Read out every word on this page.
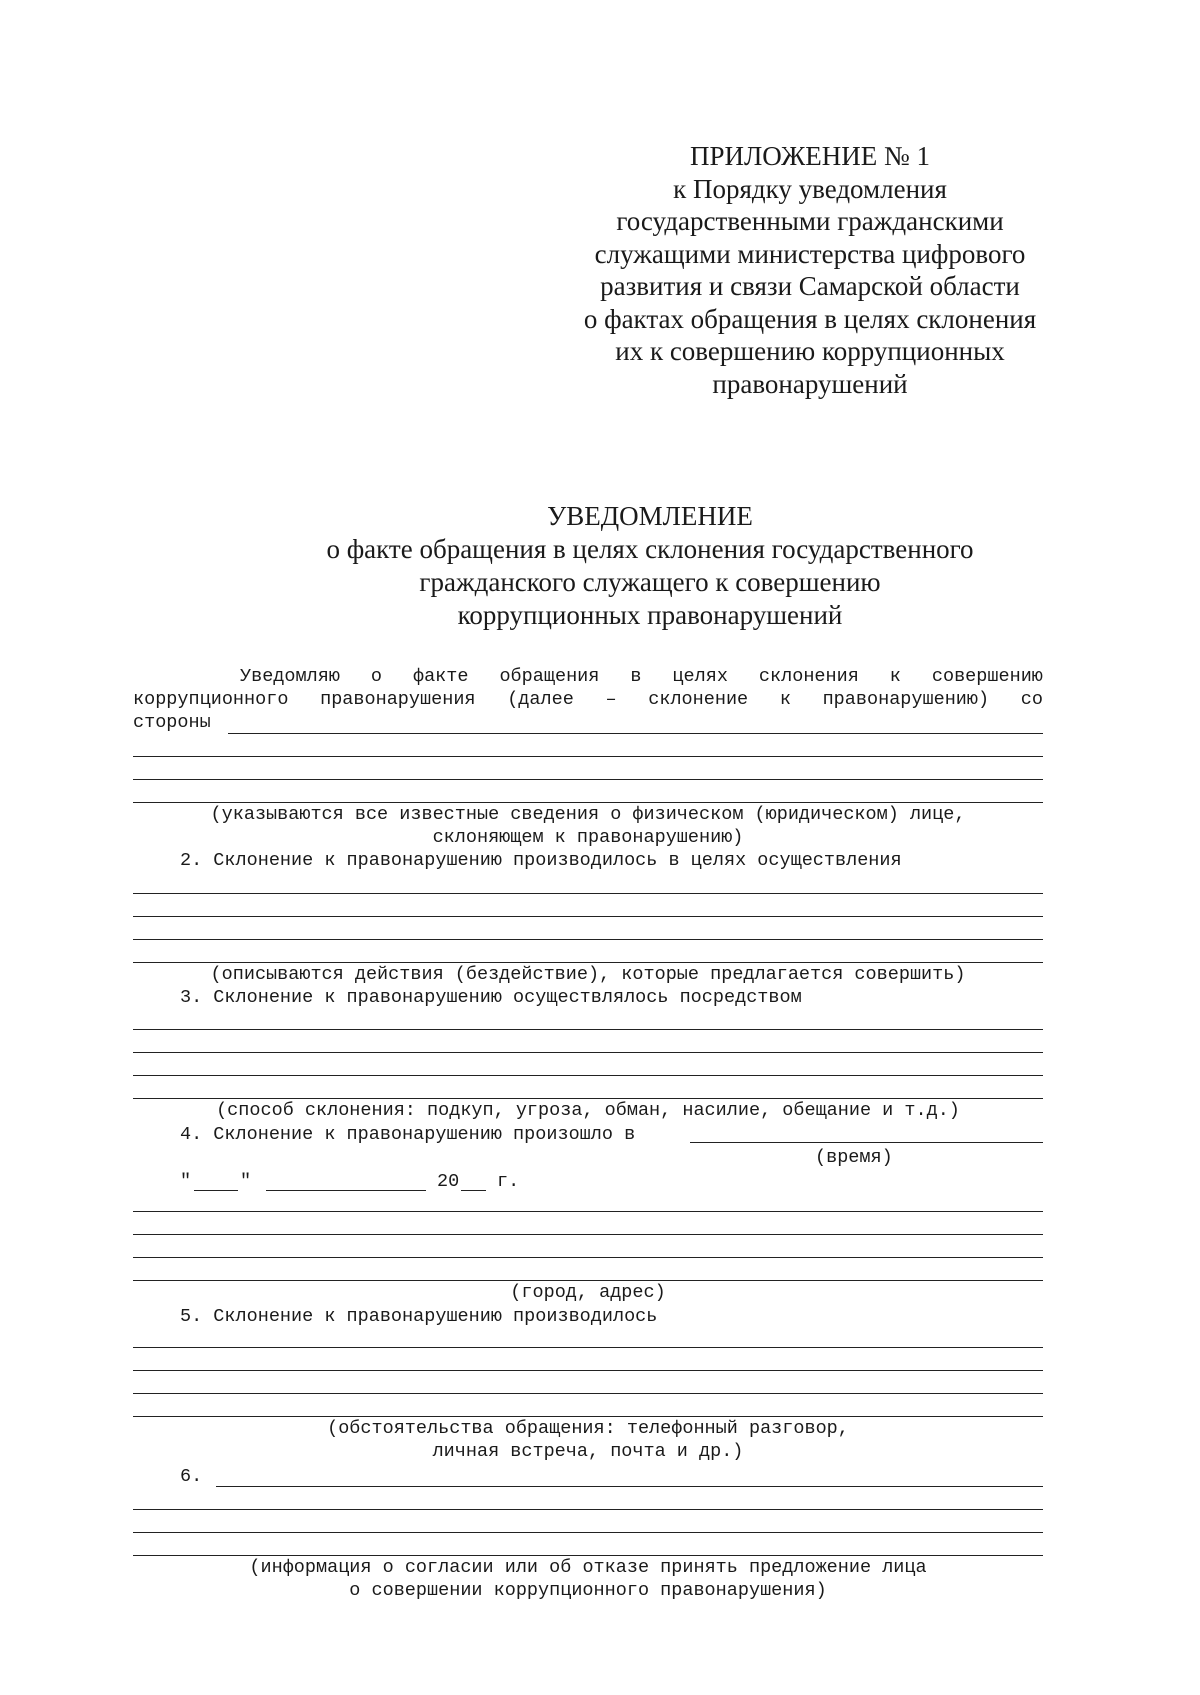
ПРИЛОЖЕНИЕ № 1
к Порядку уведомления
государственными гражданскими
служащими министерства цифрового
развития и связи Самарской области
о фактах обращения в целях склонения
их к совершению коррупционных
правонарушений
УВЕДОМЛЕНИЕ
о факте обращения в целях склонения государственного
гражданского служащего к совершению
коррупционных правонарушений
Уведомляю о факте обращения в целях склонения к совершению
коррупционного правонарушения (далее – склонение к правонарушению) со
стороны
(указываются все известные сведения о физическом (юридическом) лице,
склоняющем к правонарушению)
2. Склонение к правонарушению производилось в целях осуществления
(описываются действия (бездействие), которые предлагается совершить)
3. Склонение к правонарушению осуществлялось посредством
(способ склонения: подкуп, угроза, обман, насилие, обещание и т.д.)
4. Склонение к правонарушению произошло в
(время)
"	"	20 г.
(город, адрес)
5. Склонение к правонарушению производилось
(обстоятельства обращения: телефонный разговор,
личная встреча, почта и др.)
6.
(информация о согласии или об отказе принять предложение лица
о совершении коррупционного правонарушения)
